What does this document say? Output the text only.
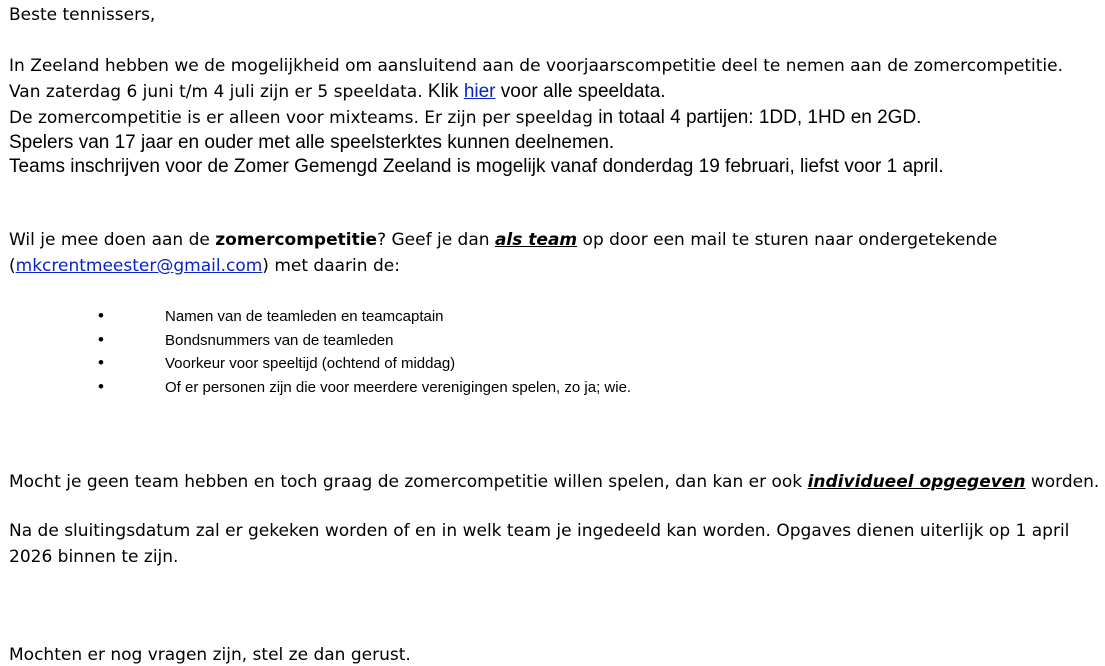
Beste tennissers,
In Zeeland hebben we de mogelijkheid om aansluitend aan de voorjaarscompetitie deel te nemen aan de zomercompetitie.
Van zaterdag 6 juni t/m 4 juli zijn er 5 speeldata. Klik hier voor alle speeldata.
De zomercompetitie is er alleen voor mixteams. Er zijn per speeldag in totaal 4 partijen: 1DD, 1HD en 2GD.
Spelers van 17 jaar en ouder met alle speelsterktes kunnen deelnemen.
Teams inschrijven voor de Zomer Gemengd Zeeland is mogelijk vanaf donderdag 19 februari, liefst voor 1 april.
Wil je mee doen aan de zomercompetitie? Geef je dan als team op door een mail te sturen naar ondergetekende
(mkcrentmeester@gmail.com) met daarin de:
•	Namen van de teamleden en teamcaptain
•	Bondsnummers van de teamleden
•	Voorkeur voor speeltijd (ochtend of middag)
•	Of er personen zijn die voor meerdere verenigingen spelen, zo ja; wie.
Mocht je geen team hebben en toch graag de zomercompetitie willen spelen, dan kan er ook individueel opgegeven worden.
Na de sluitingsdatum zal er gekeken worden of en in welk team je ingedeeld kan worden. Opgaves dienen uiterlijk op 1 april
2026 binnen te zijn.
Mochten er nog vragen zijn, stel ze dan gerust.
